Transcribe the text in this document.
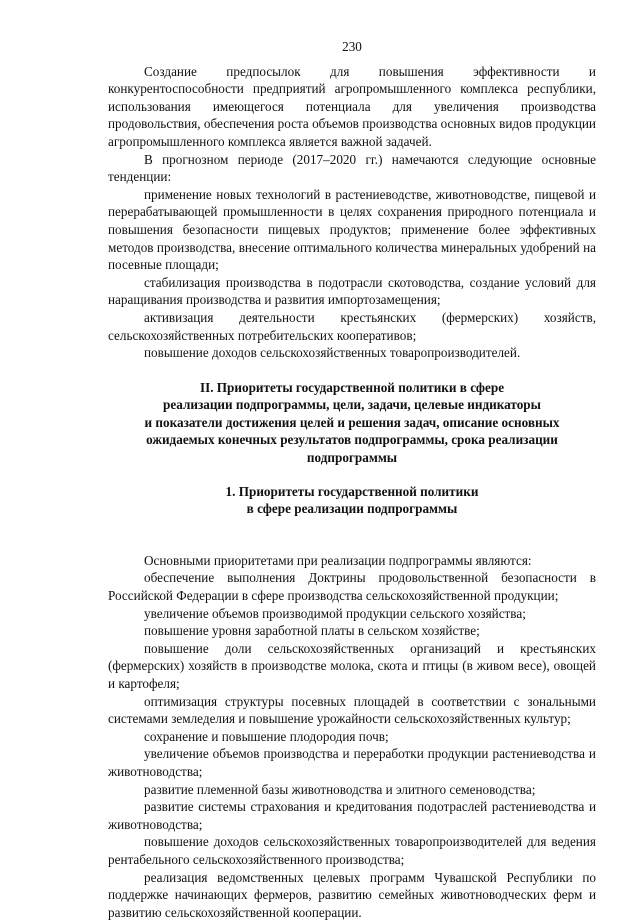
230

Создание предпосылок для повышения эффективности и конкурентоспособности предприятий агропромышленного комплекса республики, использования имеющегося потенциала для увеличения производства продовольствия, обеспечения роста объемов производства основных видов продукции агропромышленного комплекса является важной задачей.

В прогнозном периоде (2017–2020 гг.) намечаются следующие основные тенденции:

применение новых технологий в растениеводстве, животноводстве, пищевой и перерабатывающей промышленности в целях сохранения природного потенциала и повышения безопасности пищевых продуктов; применение более эффективных методов производства, внесение оптимального количества минеральных удобрений на посевные площади;

стабилизация производства в подотрасли скотоводства, создание условий для наращивания производства и развития импортозамещения;

активизация деятельности крестьянских (фермерских) хозяйств, сельскохозяйственных потребительских кооперативов;

повышение доходов сельскохозяйственных товаропроизводителей.

II. Приоритеты государственной политики в сфере

реализации подпрограммы, цели, задачи, целевые индикаторы

и показатели достижения целей и решения задач, описание основных

ожидаемых конечных результатов подпрограммы, срока реализации

подпрограммы

1. Приоритеты государственной политики

в сфере реализации подпрограммы

Основными приоритетами при реализации подпрограммы являются:

обеспечение выполнения Доктрины продовольственной безопасности в Российской Федерации в сфере производства сельскохозяйственной продукции;

увеличение объемов производимой продукции сельского хозяйства;

повышение уровня заработной платы в сельском хозяйстве;

повышение доли сельскохозяйственных организаций и крестьянских (фермерских) хозяйств в производстве молока, скота и птицы (в живом весе), овощей и картофеля;

оптимизация структуры посевных площадей в соответствии с зональными системами земледелия и повышение урожайности сельскохозяйственных культур;

сохранение и повышение плодородия почв;

увеличение объемов производства и переработки продукции растениеводства и животноводства;

развитие племенной базы животноводства и элитного семеноводства;

развитие системы страхования и кредитования подотраслей растениеводства и животноводства;

повышение доходов сельскохозяйственных товаропроизводителей для ведения рентабельного сельскохозяйственного производства;

реализация ведомственных целевых программ Чувашской Республики по поддержке начинающих фермеров, развитию семейных животноводческих ферм и развитию сельскохозяйственной кооперации.
